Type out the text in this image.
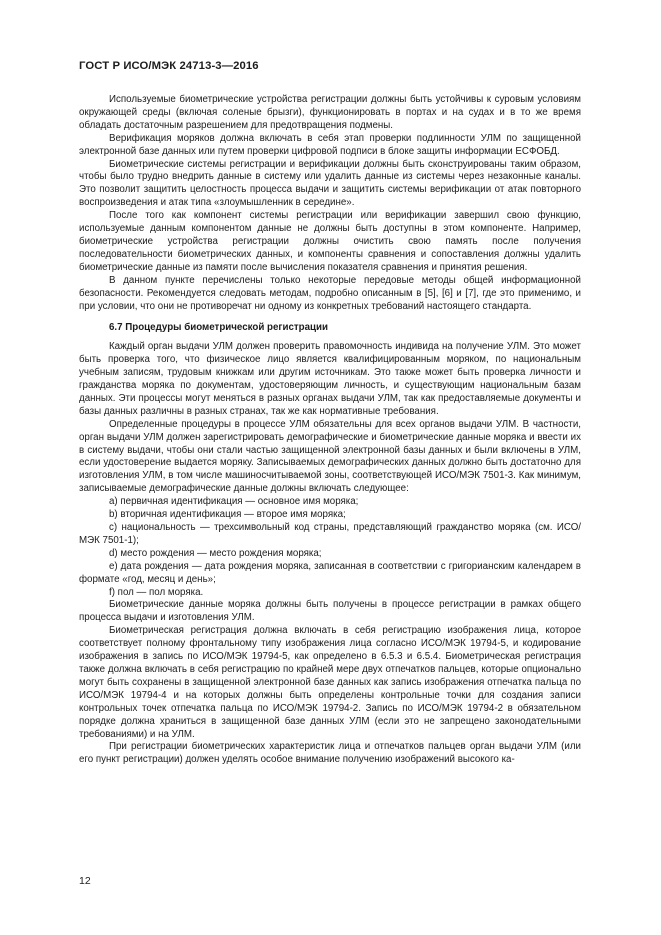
ГОСТ Р ИСО/МЭК 24713-3—2016

Используемые биометрические устройства регистрации должны быть устойчивы к суровым условиям окружающей среды (включая соленые брызги), функционировать в портах и на судах и в то же время обладать достаточным разрешением для предотвращения подмены.

Верификация моряков должна включать в себя этап проверки подлинности УЛМ по защищенной электронной базе данных или путем проверки цифровой подписи в блоке защиты информации ЕСФОБД.

Биометрические системы регистрации и верификации должны быть сконструированы таким образом, чтобы было трудно внедрить данные в систему или удалить данные из системы через незаконные каналы. Это позволит защитить целостность процесса выдачи и защитить системы верификации от атак повторного воспроизведения и атак типа «злоумышленник в середине».

После того как компонент системы регистрации или верификации завершил свою функцию, используемые данным компонентом данные не должны быть доступны в этом компоненте. Например, биометрические устройства регистрации должны очистить свою память после получения последовательности биометрических данных, и компоненты сравнения и сопоставления должны удалить биометрические данные из памяти после вычисления показателя сравнения и принятия решения.

В данном пункте перечислены только некоторые передовые методы общей информационной безопасности. Рекомендуется следовать методам, подробно описанным в [5], [6] и [7], где это применимо, и при условии, что они не противоречат ни одному из конкретных требований настоящего стандарта.

6.7 Процедуры биометрической регистрации

Каждый орган выдачи УЛМ должен проверить правомочность индивида на получение УЛМ. Это может быть проверка того, что физическое лицо является квалифицированным моряком, по национальным учебным записям, трудовым книжкам или другим источникам. Это также может быть проверка личности и гражданства моряка по документам, удостоверяющим личность, и существующим национальным базам данных. Эти процессы могут меняться в разных органах выдачи УЛМ, так как предоставляемые документы и базы данных различны в разных странах, так же как нормативные требования.

Определенные процедуры в процессе УЛМ обязательны для всех органов выдачи УЛМ. В частности, орган выдачи УЛМ должен зарегистрировать демографические и биометрические данные моряка и ввести их в систему выдачи, чтобы они стали частью защищенной электронной базы данных и были включены в УЛМ, если удостоверение выдается моряку. Записываемых демографических данных должно быть достаточно для изготовления УЛМ, в том числе машиносчитываемой зоны, соответствующей ИСО/МЭК 7501-3. Как минимум, записываемые демографические данные должны включать следующее:

a) первичная идентификация — основное имя моряка;

b) вторичная идентификация — второе имя моряка;

c) национальность — трехсимвольный код страны, представляющий гражданство моряка (см. ИСО/МЭК 7501-1);

d) место рождения — место рождения моряка;

e) дата рождения — дата рождения моряка, записанная в соответствии с григорианским календарем в формате «год, месяц и день»;

f) пол — пол моряка.

Биометрические данные моряка должны быть получены в процессе регистрации в рамках общего процесса выдачи и изготовления УЛМ.

Биометрическая регистрация должна включать в себя регистрацию изображения лица, которое соответствует полному фронтальному типу изображения лица согласно ИСО/МЭК 19794-5, и кодирование изображения в запись по ИСО/МЭК 19794-5, как определено в 6.5.3 и 6.5.4. Биометрическая регистрация также должна включать в себя регистрацию по крайней мере двух отпечатков пальцев, которые опционально могут быть сохранены в защищенной электронной базе данных как запись изображения отпечатка пальца по ИСО/МЭК 19794-4 и на которых должны быть определены контрольные точки для создания записи контрольных точек отпечатка пальца по ИСО/МЭК 19794-2. Запись по ИСО/МЭК 19794-2 в обязательном порядке должна храниться в защищенной базе данных УЛМ (если это не запрещено законодательными требованиями) и на УЛМ.

При регистрации биометрических характеристик лица и отпечатков пальцев орган выдачи УЛМ (или его пункт регистрации) должен уделять особое внимание получению изображений высокого ка-

12
